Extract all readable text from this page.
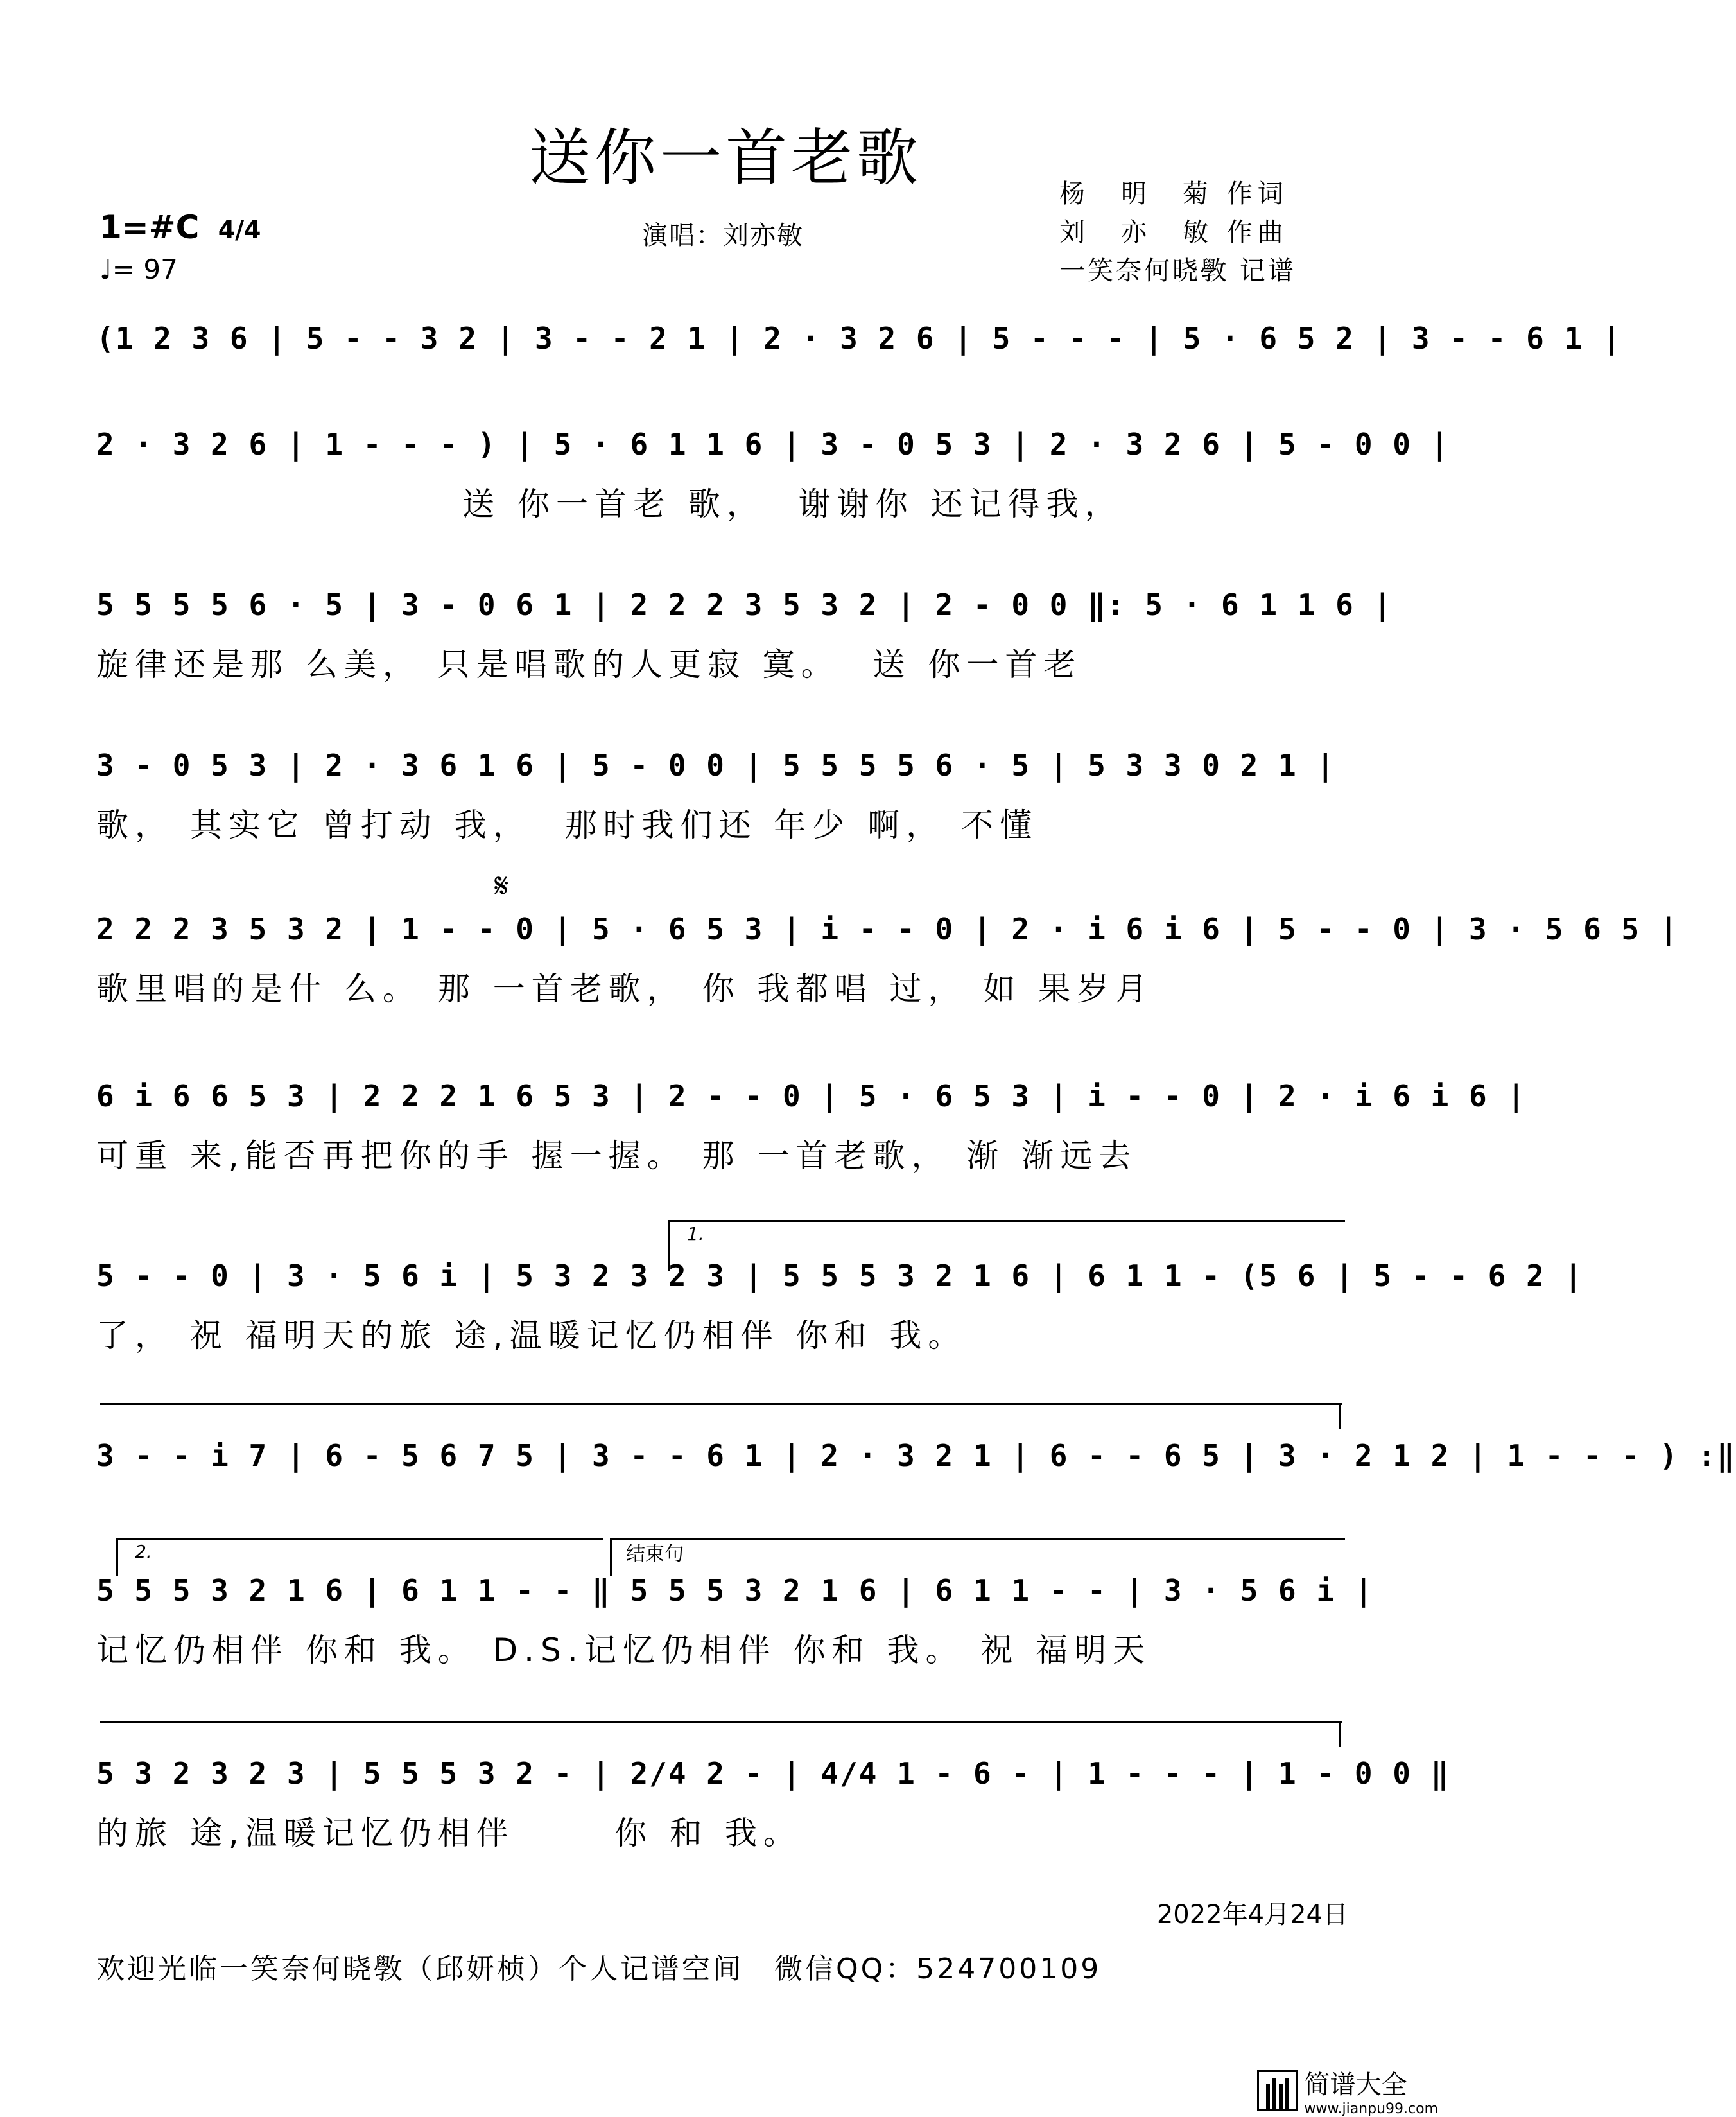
送你一首老歌	杨　明　菊 作词
刘　亦　敏 作曲
一笑奈何晓斆 记谱
演唱：刘亦敏
1=#C 4/4
♩= 97
(1 2 3 6 | 5 - - 3 2 | 3 - - 2 1 | 2 · 3 2 6 | 5 - - - | 5 · 6 5 2 | 3 - - 6 1 |
2 · 3 2 6 | 1 - - - ) | 5 · 6 1 1 6 | 3 - 0 5 3 | 2 · 3 2 6 | 5 - 0 0 |
送 你一首老 歌，  谢谢你 还记得我，
5 5 5 5 6 · 5 | 3 - 0 6 1 | 2 2 2 3 5 3 2 | 2 - 0 0 ‖: 5 · 6 1 1 6 |
旋律还是那 么美， 只是唱歌的人更寂 寞。  送 你一首老
3 - 0 5 3 | 2 · 3 6 1 6 | 5 - 0 0 | 5 5 5 5 6 · 5 | 5 3 3 0 2 1 |
歌， 其实它 曾打动 我，  那时我们还 年少 啊， 不懂
𝄋
2 2 2 3 5 3 2 | 1 - - 0 | 5 · 6 5 3 | i - - 0 | 2 · i 6 i 6 | 5 - - 0 | 3 · 5 6 5 |
歌里唱的是什 么。 那 一首老歌， 你 我都唱 过， 如 果岁月
6 i 6 6 5 3 | 2 2 2 1 6 5 3 | 2 - - 0 | 5 · 6 5 3 | i - - 0 | 2 · i 6 i 6 |
可重 来,能否再把你的手 握一握。 那 一首老歌， 渐 渐远去
1.
5 - - 0 | 3 · 5 6 i | 5 3 2 3 2 3 | 5 5 5 3 2 1 6 | 6 1 1 - (5 6 | 5 - - 6 2 |
了， 祝 福明天的旅 途,温暖记忆仍相伴 你和 我。
3 - - i 7 | 6 - 5 6 7 5 | 3 - - 6 1 | 2 · 3 2 1 | 6 - - 6 5 | 3 · 2 1 2 | 1 - - - ) :‖
2.	结束句
5 5 5 3 2 1 6 | 6 1 1 - - ‖ 5 5 5 3 2 1 6 | 6 1 1 - - | 3 · 5 6 i |
记忆仍相伴 你和 我。 D.S.记忆仍相伴 你和 我。 祝 福明天
5 3 2 3 2 3 | 5 5 5 3 2 - | 2/4 2 - | 4/4 1 - 6 - | 1 - - - | 1 - 0 0 ‖
的旅 途,温暖记忆仍相伴      你 和 我。
2022年4月24日
欢迎光临一笑奈何晓斆（邱妍桢）个人记谱空间　微信QQ：524700109
简谱大全
www.jianpu99.com
